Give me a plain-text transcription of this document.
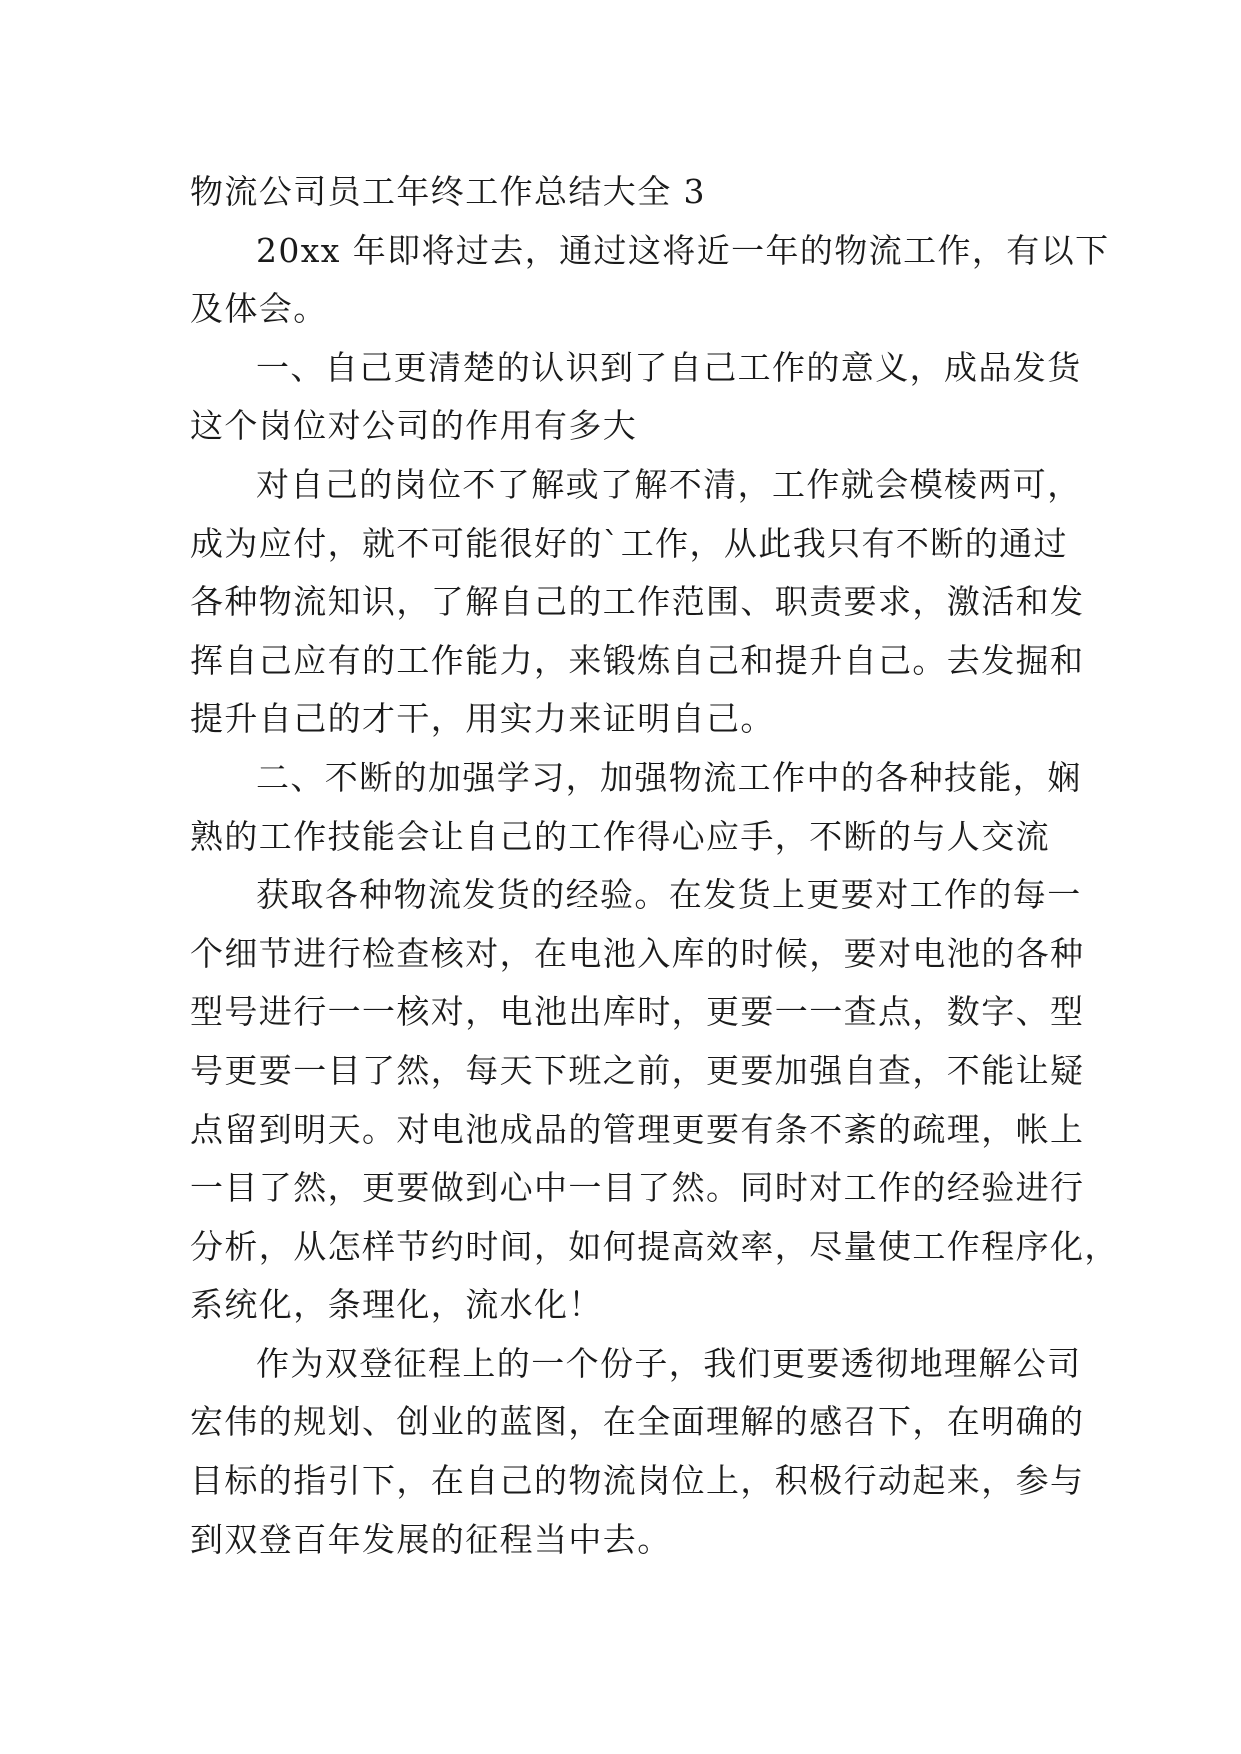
物流公司员工年终工作总结大全 3
20xx 年即将过去，通过这将近一年的物流工作，有以下
及体会。
一、自己更清楚的认识到了自己工作的意义，成品发货
这个岗位对公司的作用有多大
对自己的岗位不了解或了解不清，工作就会模棱两可，
成为应付，就不可能很好的`工作，从此我只有不断的通过
各种物流知识，了解自己的工作范围、职责要求，激活和发
挥自己应有的工作能力，来锻炼自己和提升自己。去发掘和
提升自己的才干，用实力来证明自己。
二、不断的加强学习，加强物流工作中的各种技能，娴
熟的工作技能会让自己的工作得心应手，不断的与人交流
获取各种物流发货的经验。在发货上更要对工作的每一
个细节进行检查核对，在电池入库的时候，要对电池的各种
型号进行一一核对，电池出库时，更要一一查点，数字、型
号更要一目了然，每天下班之前，更要加强自查，不能让疑
点留到明天。对电池成品的管理更要有条不紊的疏理，帐上
一目了然，更要做到心中一目了然。同时对工作的经验进行
分析，从怎样节约时间，如何提高效率，尽量使工作程序化，
系统化，条理化，流水化！
作为双登征程上的一个份子，我们更要透彻地理解公司
宏伟的规划、创业的蓝图，在全面理解的感召下，在明确的
目标的指引下，在自己的物流岗位上，积极行动起来，参与
到双登百年发展的征程当中去。
